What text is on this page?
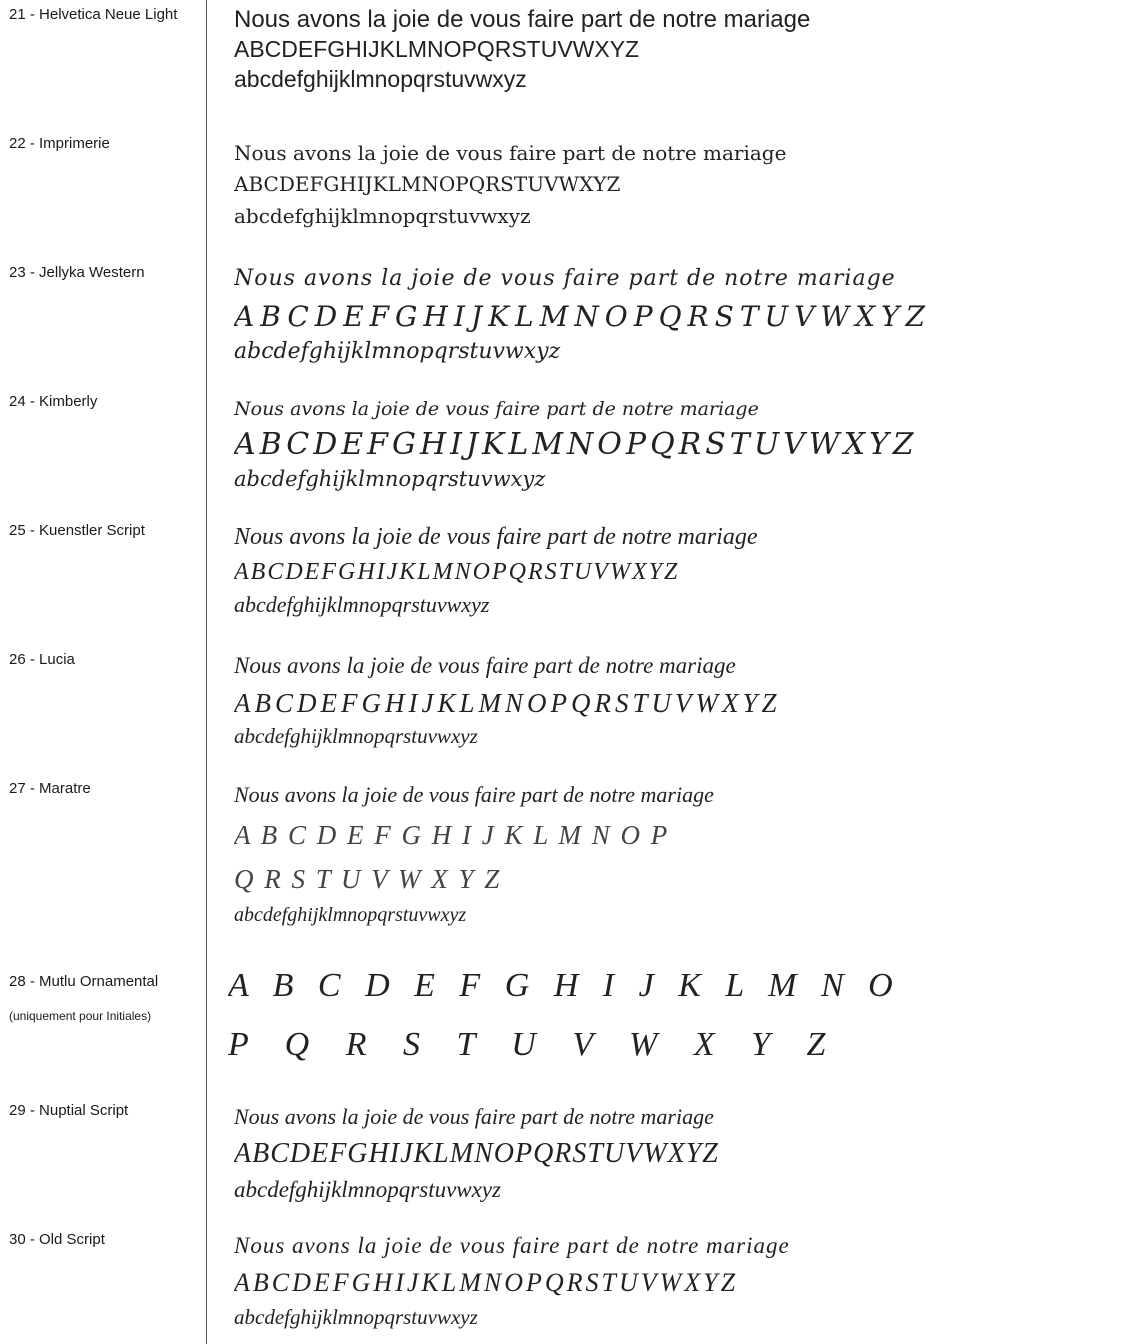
21 - Helvetica Neue Light Nous avons la joie de vous faire part de notre mariage
ABCDEFGHIJKLMNOPQRSTUVWXYZ
abcdefghijklmnopqrstuvwxyz
22 - Imprimerie	Nous avons la joie de vous faire part de notre mariage
ABCDEFGHIJKLMNOPQRSTUVWXYZ
abcdefghijklmnopqrstuvwxyz
23 - Jellyka Western	Nous avons la joie de vous faire part de notre mariage
ABCDEFGHIJKLMNOPQRSTUVWXYZ
abcdefghijklmnopqrstuvwxyz
24 - Kimberly	Nous avons la joie de vous faire part de notre mariage
ABCDEFGHIJKLMNOPQRSTUVWXYZ
abcdefghijklmnopqrstuvwxyz
25 - Kuenstler Script	Nous avons la joie de vous faire part de notre mariage
ABCDEFGHIJKLMNOPQRSTUVWXYZ
abcdefghijklmnopqrstuvwxyz
26 - Lucia	Nous avons la joie de vous faire part de notre mariage
ABCDEFGHIJKLMNOPQRSTUVWXYZ
abcdefghijklmnopqrstuvwxyz
27 - Maratre	Nous avons la joie de vous faire part de notre mariage
A B C D E F G H I J K L M N O P
Q R S T U V W X Y Z
abcdefghijklmnopqrstuvwxyz
28 - Mutlu Ornamental
(uniquement pour Initiales)
A B C D E F G H I J K L M N O
P Q R S T U V W X Y Z
29 - Nuptial Script	Nous avons la joie de vous faire part de notre mariage
ABCDEFGHIJKLMNOPQRSTUVWXYZ
abcdefghijklmnopqrstuvwxyz
30 - Old Script	Nous avons la joie de vous faire part de notre mariage
ABCDEFGHIJKLMNOPQRSTUVWXYZ
abcdefghijklmnopqrstuvwxyz
